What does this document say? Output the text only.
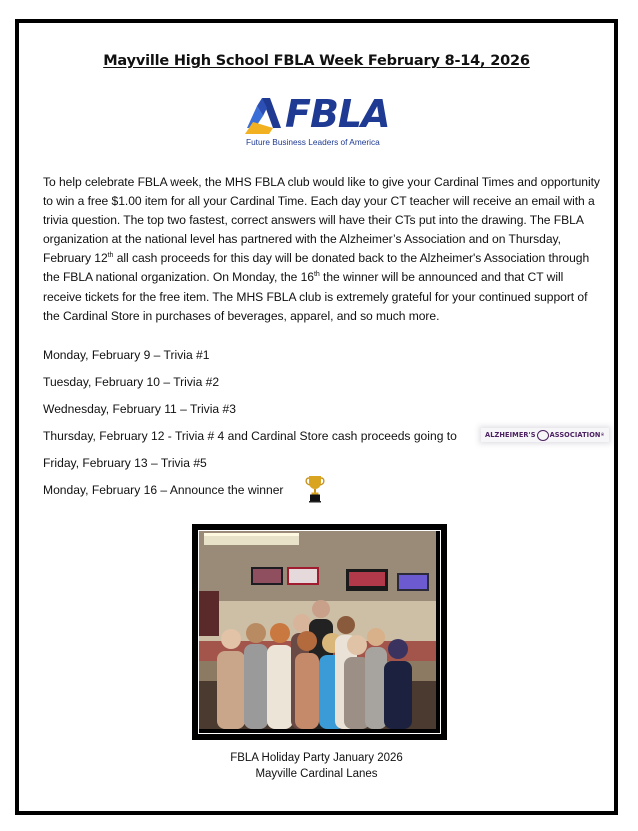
Mayville High School FBLA Week February 8-14, 2026
FBLA
Future Business Leaders of America
To help celebrate FBLA week, the MHS FBLA club would like to give your Cardinal Times and opportunity to win a free $1.00 item for all your Cardinal Time. Each day your CT teacher will receive an email with a trivia question. The top two fastest, correct answers will have their CTs put into the drawing. The FBLA organization at the national level has partnered with the Alzheimer’s Association and on Thursday, February 12th all cash proceeds for this day will be donated back to the Alzheimer's Association through the FBLA national organization. On Monday, the 16th the winner will be announced and that CT will receive tickets for the free item. The MHS FBLA club is extremely grateful for your continued support of the Cardinal Store in purchases of beverages, apparel, and so much more.
Monday, February 9 – Trivia #1
Tuesday, February 10 – Trivia #2
Wednesday, February 11 – Trivia #3
Thursday, February 12 - Trivia # 4 and Cardinal Store cash proceeds going to	ALZHEIMER'S ASSOCIATION®
Friday, February 13 – Trivia #5
Monday, February 16 – Announce the winner
FBLA Holiday Party January 2026
Mayville Cardinal Lanes
